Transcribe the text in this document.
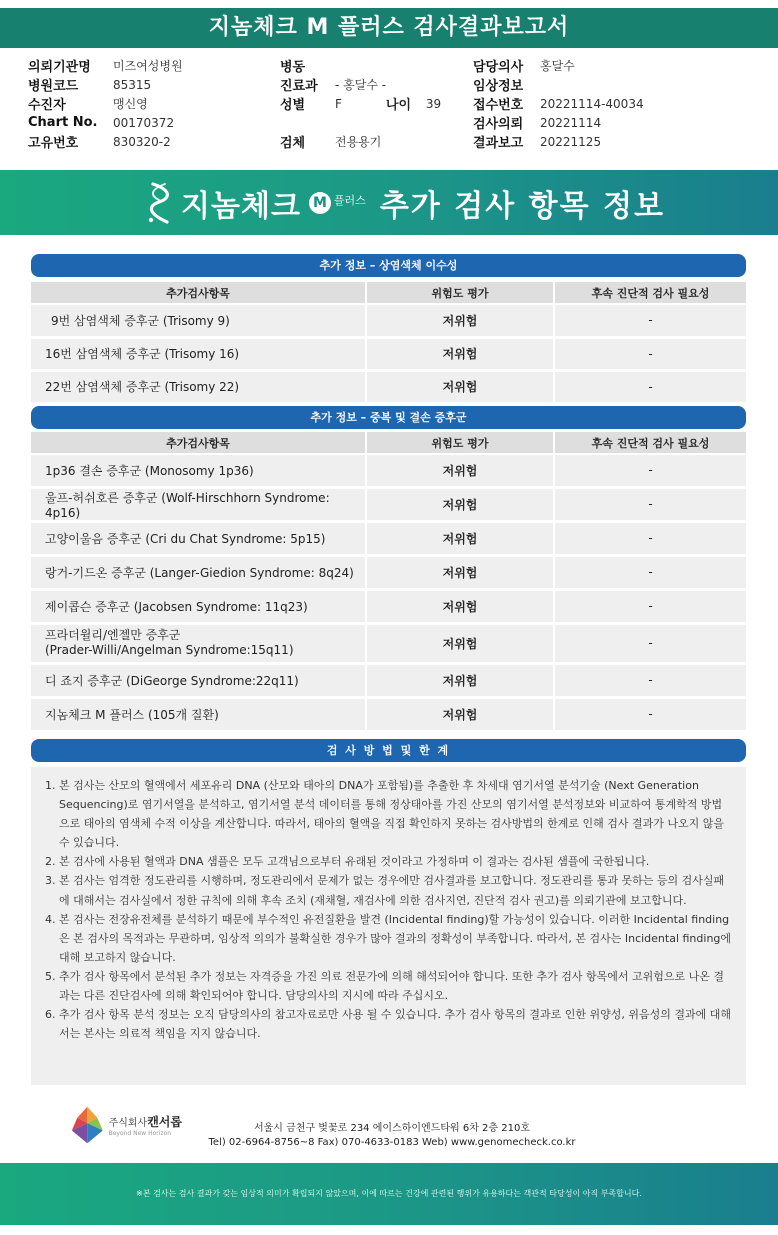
지놈체크 M 플러스 검사결과보고서
의뢰기관명	미즈여성병원
병원코드	85315
수진자	맹신영
Chart No.	00170372
고유번호	830320-2
병동
진료과	- 홍달수 -
성별	F	나이	39
검체	전용용기
담당의사	홍달수
임상정보
접수번호	20221114-40034
검사의뢰	20221114
결과보고	20221125
지놈체크 M 플러스 추가 검사 항목 정보
추가 정보 – 상염색체 이수성
추가검사항목	위험도 평가	후속 진단적 검사 필요성
9번 삼염색체 증후군 (Trisomy 9)	저위험	-
16번 삼염색체 증후군 (Trisomy 16)	저위험	-
22번 삼염색체 증후군 (Trisomy 22)	저위험	-
추가 정보 – 중복 및 결손 증후군
추가검사항목	위험도 평가	후속 진단적 검사 필요성
1p36 결손 증후군 (Monosomy 1p36)	저위험	-
울프-허쉬호른 증후군 (Wolf-Hirschhorn Syndrome: 4p16)	저위험	-
고양이울음 증후군 (Cri du Chat Syndrome: 5p15)	저위험	-
랑거-기드온 증후군 (Langer-Giedion Syndrome: 8q24)	저위험	-
제이콥슨 증후군 (Jacobsen Syndrome: 11q23)	저위험	-

프라더윌리/엔젤만 증후군
(Prader-Willi/Angelman Syndrome:15q11)	저위험	-
디 죠지 증후군 (DiGeorge Syndrome:22q11)	저위험	-
지놈체크 M 플러스 (105개 질환)	저위험	-
검 사 방 법 및 한 계
1. 본 검사는 산모의 혈액에서 세포유리 DNA (산모와 태아의 DNA가 포함됨)를 추출한 후 차세대 염기서열 분석기술 (Next Generation Sequencing)로 염기서열을 분석하고, 염기서열 분석 데이터를 통해 정상태아를 가진 산모의 염기서열 분석정보와 비교하여 통계학적 방법으로 태아의 염색체 수적 이상을 계산합니다. 따라서, 태아의 혈액을 직접 확인하지 못하는 검사방법의 한계로 인해 검사 결과가 나오지 않을 수 있습니다.
2. 본 검사에 사용된 혈액과 DNA 샘플은 모두 고객님으로부터 유래된 것이라고 가정하며 이 결과는 검사된 샘플에 국한됩니다.
3. 본 검사는 엄격한 정도관리를 시행하며, 정도관리에서 문제가 없는 경우에만 검사결과를 보고합니다. 정도관리를 통과 못하는 등의 검사실패에 대해서는 검사실에서 정한 규칙에 의해 후속 조치 (재채혈, 재검사에 의한 검사지연, 진단적 검사 권고)를 의뢰기관에 보고합니다.
4. 본 검사는 전장유전체를 분석하기 때문에 부수적인 유전질환을 발견 (Incidental finding)할 가능성이 있습니다. 이러한 Incidental finding은 본 검사의 목적과는 무관하며, 임상적 의의가 불확실한 경우가 많아 결과의 정확성이 부족합니다. 따라서, 본 검사는 Incidental finding에 대해 보고하지 않습니다.
5. 추가 검사 항목에서 분석된 추가 정보는 자격증을 가진 의료 전문가에 의해 해석되어야 합니다. 또한 추가 검사 항목에서 고위험으로 나온 결과는 다른 진단검사에 의해 확인되어야 합니다. 담당의사의 지시에 따라 주십시오.
6. 추가 검사 항목 분석 정보는 오직 담당의사의 참고자료로만 사용 될 수 있습니다. 추가 검사 항목의 결과로 인한 위양성, 위음성의 결과에 대해서는 본사는 의료적 책임을 지지 않습니다.
주식회사캔서롭
Beyond New Horizon	서울시 금천구 벚꽃로 234 에이스하이엔드타워 6차 2층 210호
Tel) 02-6964-8756~8 Fax) 070-4633-0183 Web) www.genomecheck.co.kr
※본 검사는 검사 결과가 갖는 임상적 의미가 확립되지 않았으며, 이에 따르는 건강에 관련된 행위가 유용하다는 객관적 타당성이 아직 부족합니다.
